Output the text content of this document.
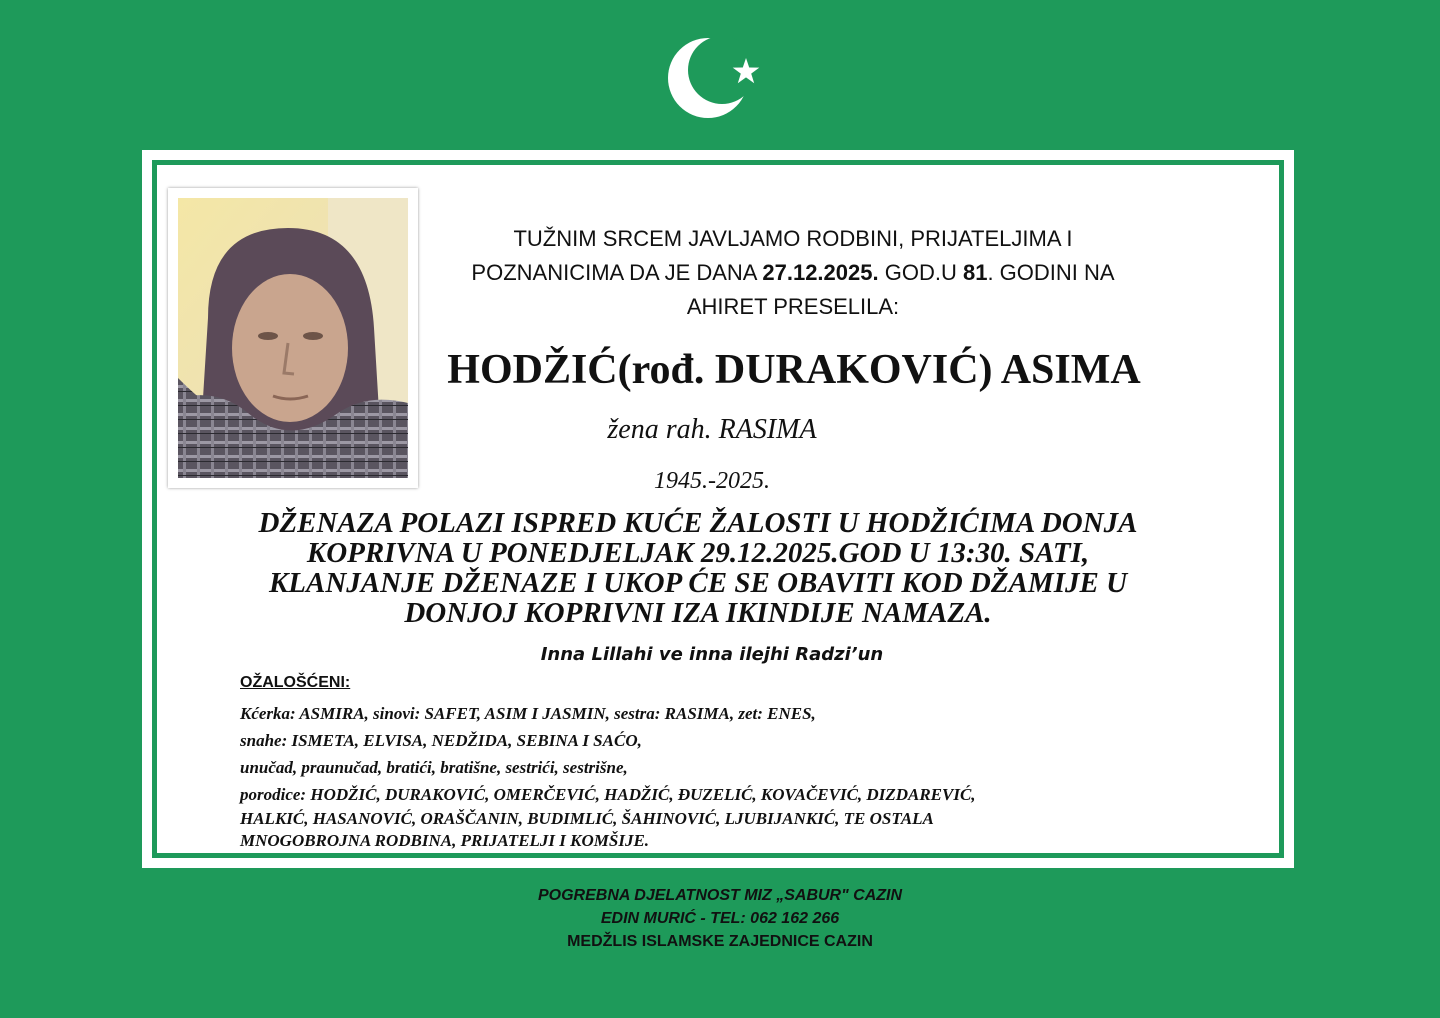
TUŽNIM SRCEM JAVLJAMO RODBINI, PRIJATELJIMA I
POZNANICIMA DA JE DANA 27.12.2025. GOD.U 81. GODINI NA
AHIRET PRESELILA:
HODŽIĆ(rođ. DURAKOVIĆ) ASIMA
žena rah. RASIMA
1945.-2025.
DŽENAZA POLAZI ISPRED KUĆE ŽALOSTI U HODŽIĆIMA DONJA
KOPRIVNA U PONEDJELJAK 29.12.2025.GOD U 13:30. SATI,
KLANJANJE DŽENAZE I UKOP ĆE SE OBAVITI KOD DŽAMIJE U
DONJOJ KOPRIVNI IZA IKINDIJE NAMAZA.
Inna Lillahi ve inna ilejhi Radzi’un
OŽALOŠĆENI:
Kćerka: ASMIRA, sinovi: SAFET, ASIM I JASMIN, sestra: RASIMA, zet: ENES,
snahe: ISMETA, ELVISA, NEDŽIDA, SEBINA I SAĆO,
unučad, praunučad, bratići, bratišne, sestrići, sestrišne,
porodice: HODŽIĆ, DURAKOVIĆ, OMERČEVIĆ, HADŽIĆ, ĐUZELIĆ, KOVAČEVIĆ, DIZDAREVIĆ,
HALKIĆ, HASANOVIĆ, ORAŠČANIN, BUDIMLIĆ, ŠAHINOVIĆ, LJUBIJANKIĆ, TE OSTALA
MNOGOBROJNA RODBINA, PRIJATELJI I KOMŠIJE.
POGREBNA DJELATNOST MIZ „SABUR" CAZIN
EDIN MURIĆ - TEL: 062 162 266
MEDŽLIS ISLAMSKE ZAJEDNICE CAZIN
